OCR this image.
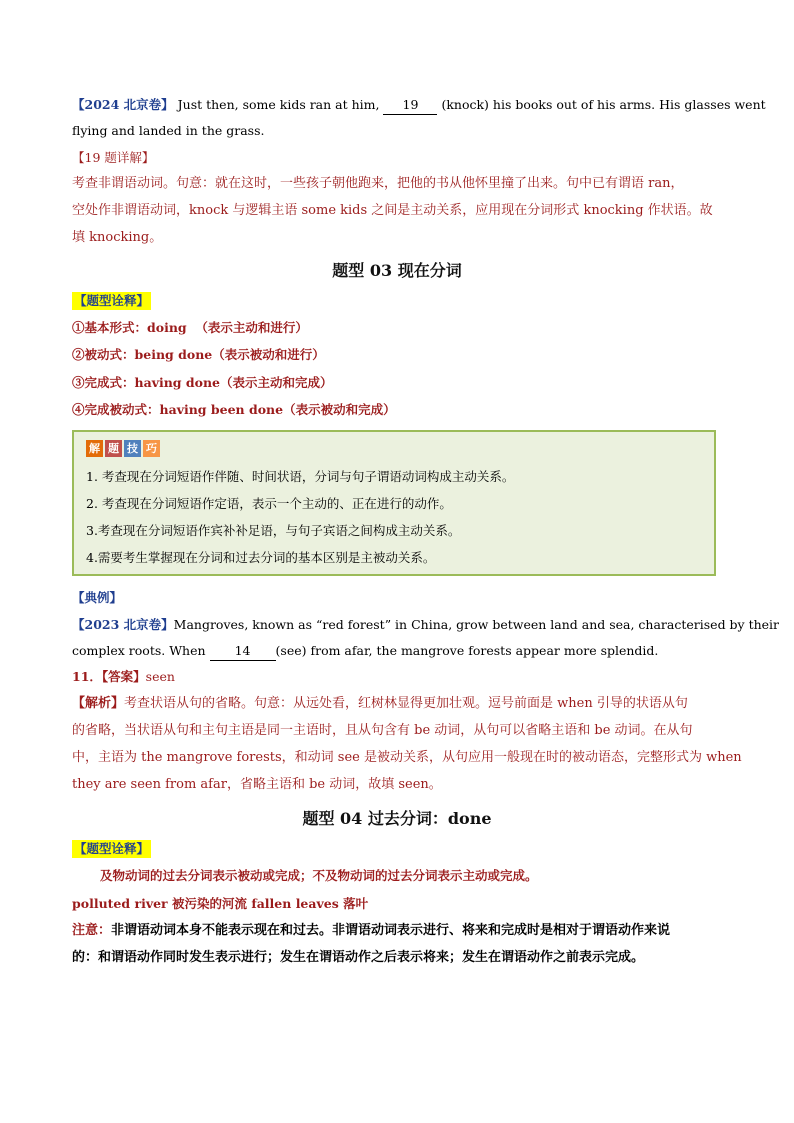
【2024 北京卷】 Just then, some kids ran at him, 19 (knock) his books out of his arms. His glasses went
flying and landed in the grass.
【19 题详解】
考查非谓语动词。句意：就在这时，一些孩子朝他跑来，把他的书从他怀里撞了出来。句中已有谓语 ran，
空处作非谓语动词，knock 与逻辑主语 some kids 之间是主动关系，应用现在分词形式 knocking 作状语。故
填 knocking。
题型 03 现在分词
【题型诠释】
①基本形式：doing （表示主动和进行）
②被动式：being done（表示被动和进行）
③完成式：having done（表示主动和完成）
④完成被动式：having been done（表示被动和完成）
解 题 技 巧
1. 考查现在分词短语作伴随、时间状语，分词与句子谓语动词构成主动关系。
2. 考查现在分词短语作定语，表示一个主动的、正在进行的动作。
3.考查现在分词短语作宾补补足语，与句子宾语之间构成主动关系。
4.需要考生掌握现在分词和过去分词的基本区别是主被动关系。
【典例】
【2023 北京卷】Mangroves, known as “red forest” in China, grow between land and sea, characterised by their
complex roots. When 14 (see) from afar, the mangrove forests appear more splendid.
11．【答案】seen
【解析】考查状语从句的省略。句意：从远处看，红树林显得更加壮观。逗号前面是 when 引导的状语从句
的省略，当状语从句和主句主语是同一主语时，且从句含有 be 动词，从句可以省略主语和 be 动词。在从句
中，主语为 the mangrove forests，和动词 see 是被动关系，从句应用一般现在时的被动语态，完整形式为 when
they are seen from afar，省略主语和 be 动词，故填 seen。
题型 04 过去分词：done
【题型诠释】
及物动词的过去分词表示被动或完成；不及物动词的过去分词表示主动或完成。
polluted river 被污染的河流 fallen leaves 落叶
注意：非谓语动词本身不能表示现在和过去。非谓语动词表示进行、将来和完成时是相对于谓语动作来说
的：和谓语动作同时发生表示进行；发生在谓语动作之后表示将来；发生在谓语动作之前表示完成。
